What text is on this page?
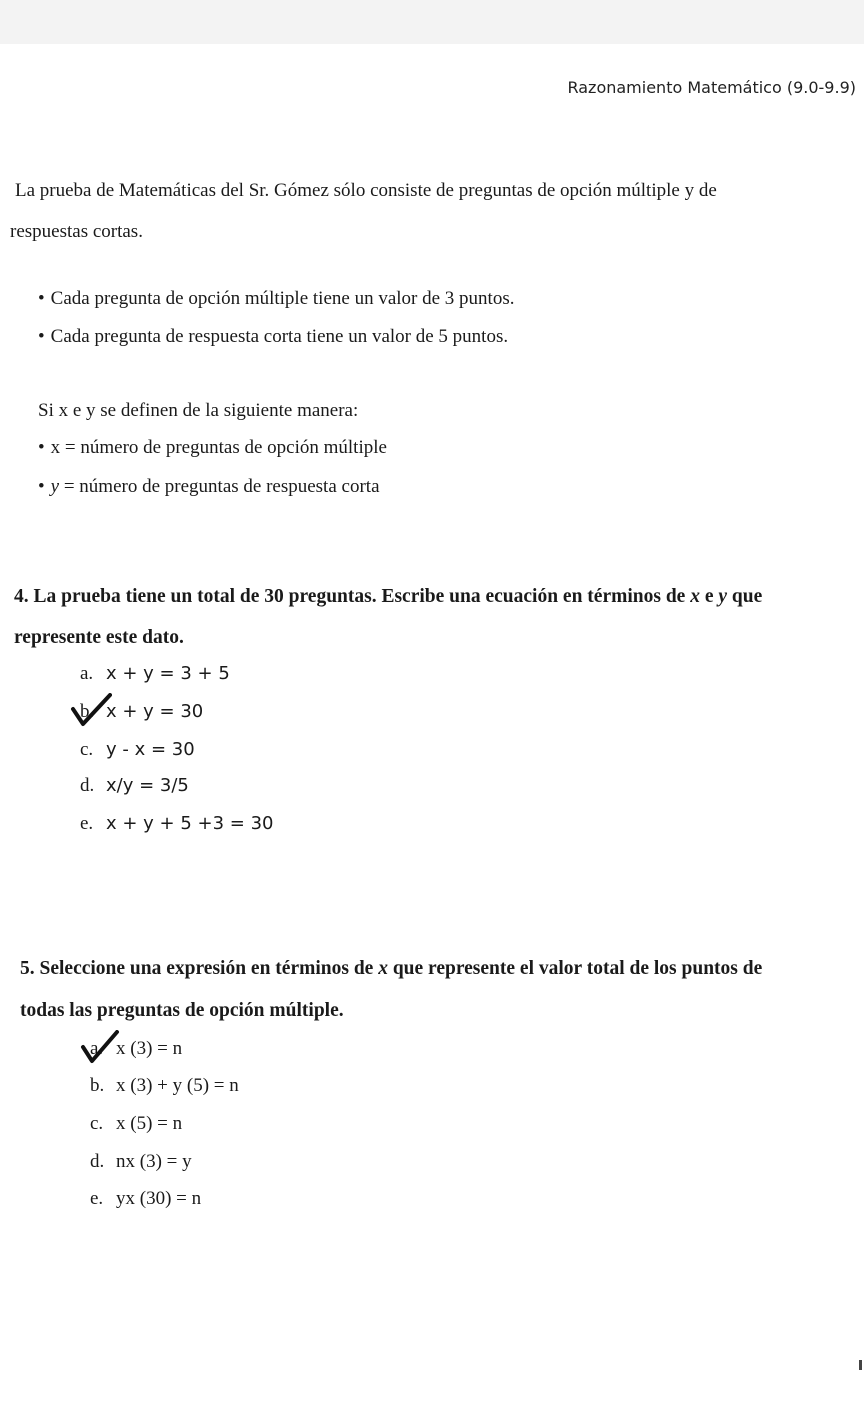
Razonamiento Matemático (9.0-9.9)
La prueba de Matemáticas del Sr. Gómez sólo consiste de preguntas de opción múltiple y de
respuestas cortas.
• Cada pregunta de opción múltiple tiene un valor de 3 puntos.
• Cada pregunta de respuesta corta tiene un valor de 5 puntos.
Si x e y se definen de la siguiente manera:
• x = número de preguntas de opción múltiple
• y = número de preguntas de respuesta corta
4. La prueba tiene un total de 30 preguntas. Escribe una ecuación en términos de x e y que
represente este dato.
a. x + y = 3 + 5
b. x + y = 30
c. y - x = 30
d. x/y = 3/5
e. x + y + 5 +3 = 30
5. Seleccione una expresión en términos de x que represente el valor total de los puntos de
todas las preguntas de opción múltiple.
a. x (3) = n
b. x (3) + y (5) = n
c. x (5) = n
d. nx (3) = y
e. yx (30) = n
